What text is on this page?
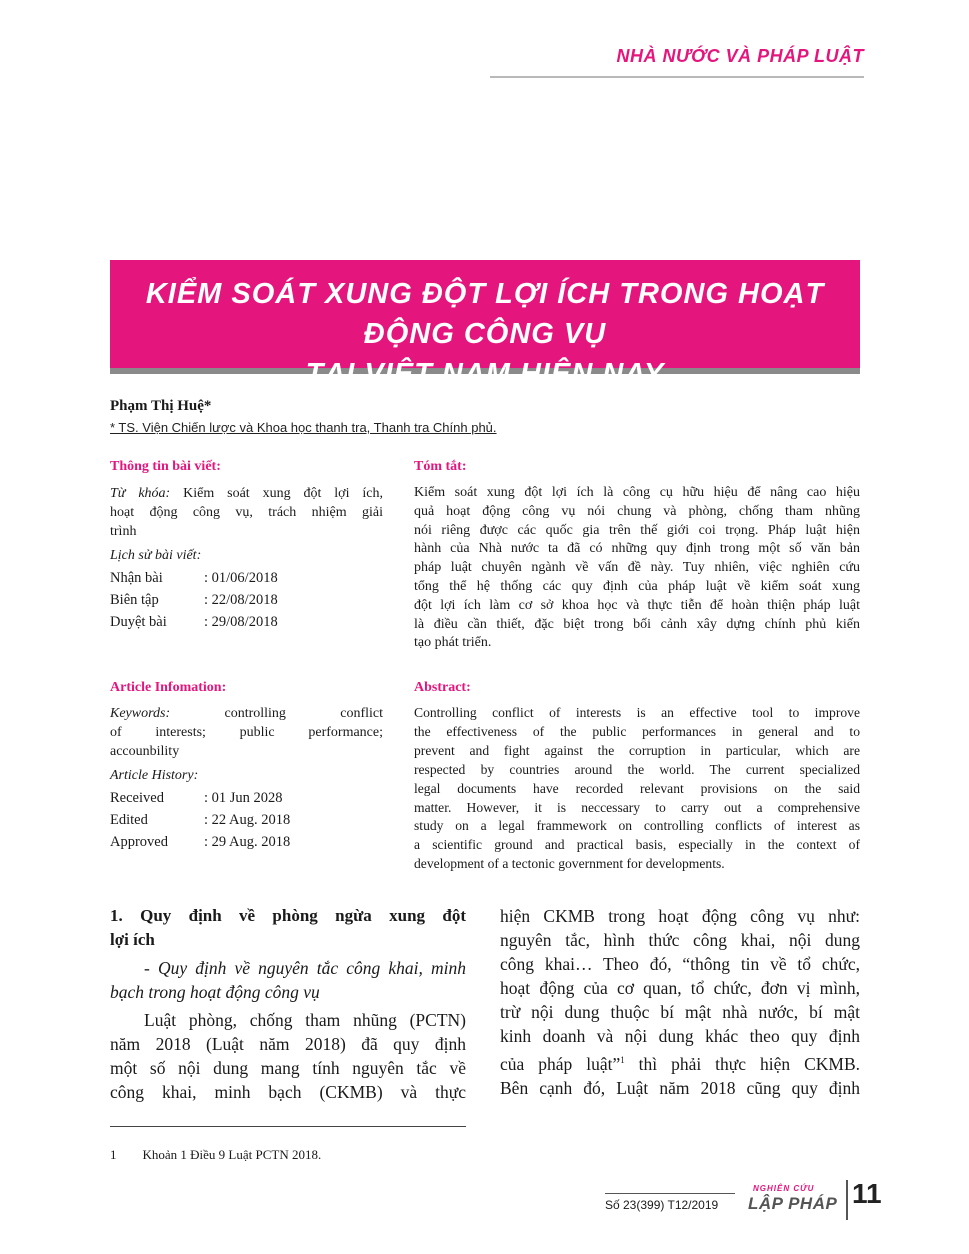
NHÀ NƯỚC VÀ PHÁP LUẬT
KIỂM SOÁT XUNG ĐỘT LỢI ÍCH TRONG HOẠT ĐỘNG CÔNG VỤ
TẠI VIỆT NAM HIỆN NAY
Phạm Thị Huệ*
* TS. Viện Chiến lược và Khoa học thanh tra, Thanh tra Chính phủ.
Thông tin bài viết:
Từ khóa: Kiểm soát xung đột lợi ích,
hoạt động công vụ, trách nhiệm giải
trình
Lịch sử bài viết:
Nhận bài	: 01/06/2018
Biên tập	: 22/08/2018
Duyệt bài	: 29/08/2018
Tóm tắt:
Kiểm soát xung đột lợi ích là công cụ hữu hiệu để nâng cao hiệu
quả hoạt động công vụ nói chung và phòng, chống tham nhũng
nói riêng được các quốc gia trên thế giới coi trọng. Pháp luật hiện
hành của Nhà nước ta đã có những quy định trong một số văn bản
pháp luật chuyên ngành về vấn đề này. Tuy nhiên, việc nghiên cứu
tổng thể hệ thống các quy định của pháp luật về kiểm soát xung
đột lợi ích làm cơ sở khoa học và thực tiễn để hoàn thiện pháp luật
là điều cần thiết, đặc biệt trong bối cảnh xây dựng chính phủ kiến
tạo phát triển.
Article Infomation:
Keywords:	controlling conflict
of interests; public performance;
accounbility
Article History:
Received	: 01 Jun 2028
Edited	: 22 Aug. 2018
Approved	: 29 Aug. 2018
Abstract:
Controlling conflict of interests is an effective tool to improve
the effectiveness of the public performances in general and to
prevent and fight against the corruption in particular, which are
respected by countries around the world. The current specialized
legal documents have recorded relevant provisions on the said
matter. However, it is neccessary to carry out a comprehensive
study on a legal frammework on controlling conflicts of interest as
a scientific ground and practical basis, especially in the context of
development of a tectonic government for developments.
1. Quy định về phòng ngừa xung đột
lợi ích
- Quy định về nguyên tắc công khai, minh
bạch trong hoạt động công vụ
Luật phòng, chống tham nhũng (PCTN)
năm 2018 (Luật năm 2018) đã quy định
một số nội dung mang tính nguyên tắc về
công khai, minh bạch (CKMB) và thực
hiện CKMB trong hoạt động công vụ như:
nguyên tắc, hình thức công khai, nội dung
công khai… Theo đó, “thông tin về tổ chức,
hoạt động của cơ quan, tổ chức, đơn vị mình,
trừ nội dung thuộc bí mật nhà nước, bí mật
kinh doanh và nội dung khác theo quy định
của pháp luật”$^1$ thì phải thực hiện CKMB.
Bên cạnh đó, Luật năm 2018 cũng quy định
1 Khoản 1 Điều 9 Luật PCTN 2018.
Số 23(399) T12/2019
NGHIÊN CỨU
LẬP PHÁP 11
